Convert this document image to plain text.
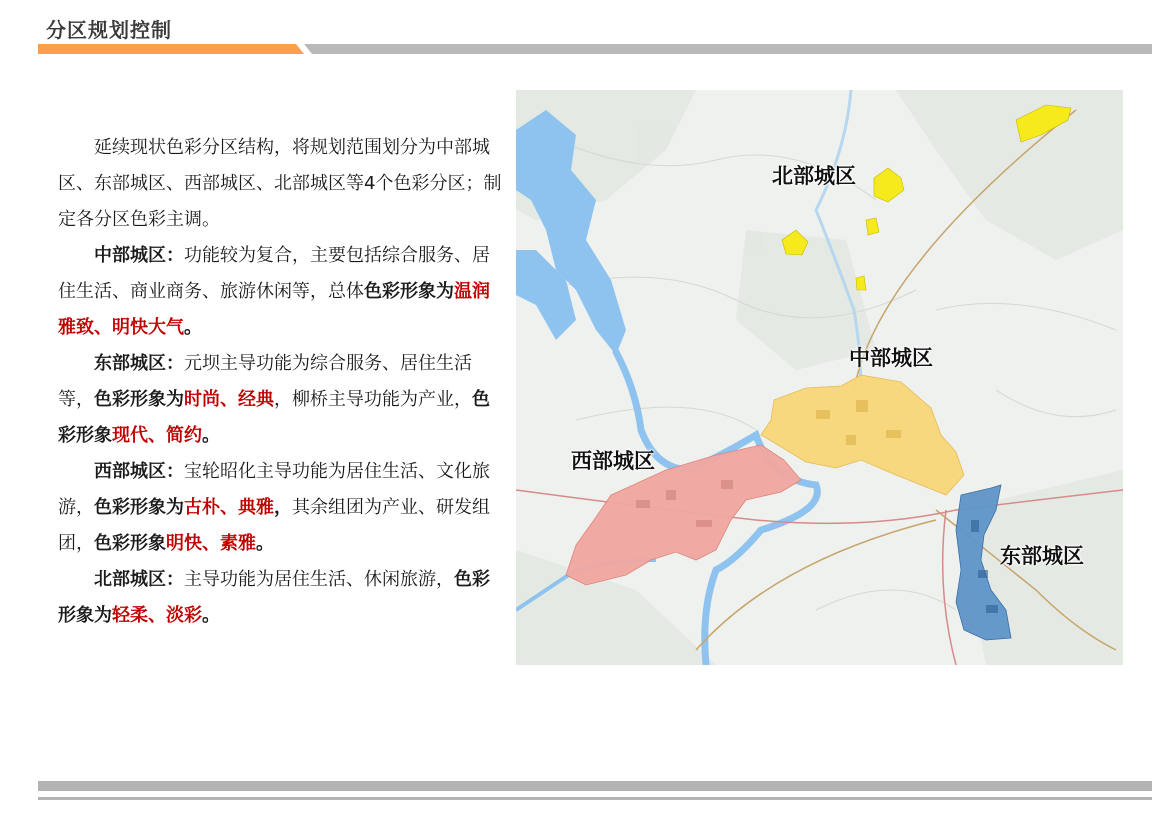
分区规划控制

延续现状色彩分区结构，将规划范围划分为中部城区、东部城区、西部城区、北部城区等4个色彩分区；制定各分区色彩主调。

中部城区：功能较为复合，主要包括综合服务、居住生活、商业商务、旅游休闲等，总体色彩形象为温润雅致、明快大气。

东部城区：元坝主导功能为综合服务、居住生活等，色彩形象为时尚、经典，柳桥主导功能为产业，色彩形象现代、简约。

西部城区：宝轮昭化主导功能为居住生活、文化旅游，色彩形象为古朴、典雅，其余组团为产业、研发组团，色彩形象明快、素雅。

北部城区：主导功能为居住生活、休闲旅游，色彩形象为轻柔、淡彩。

北部城区
中部城区
西部城区
东部城区
